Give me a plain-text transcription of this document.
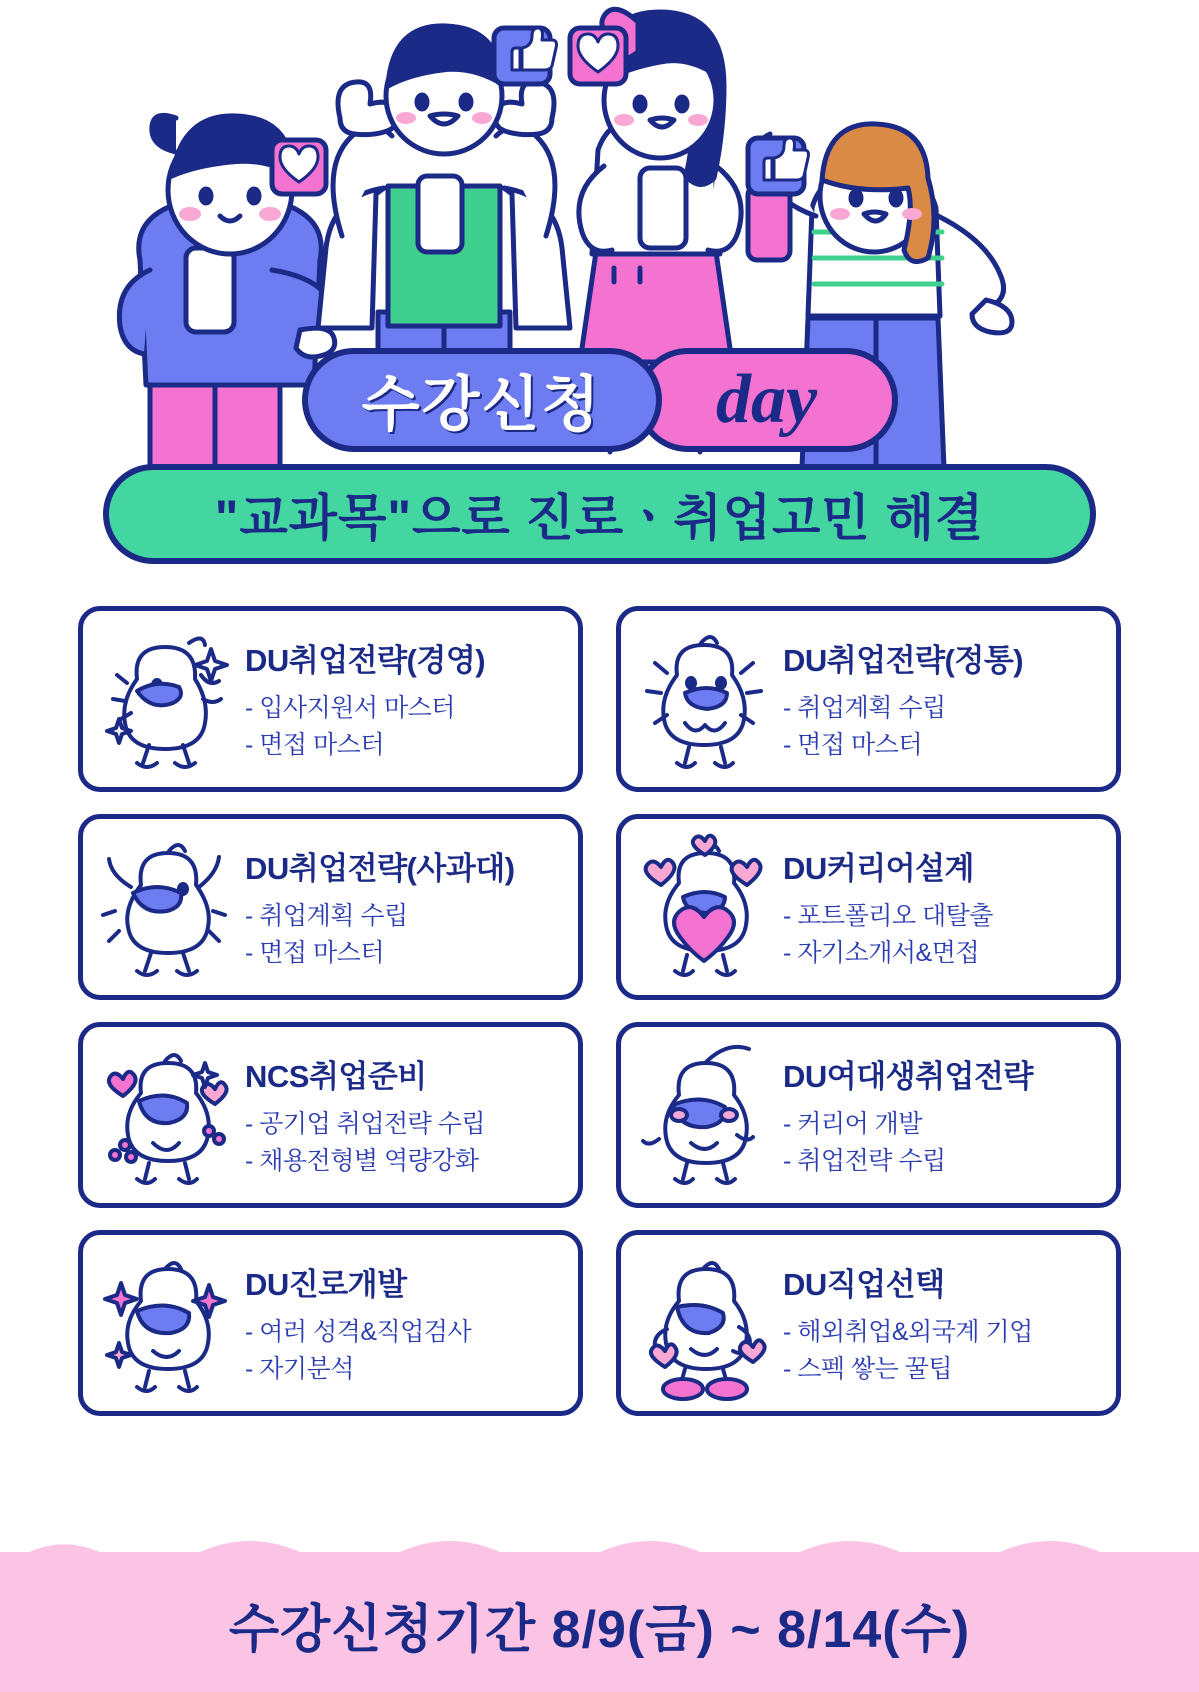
수강신청 day
"교과목"으로 진로ㆍ취업고민 해결
DU취업전략(경영)
- 입사지원서 마스터
- 면접 마스터
DU취업전략(정통)
- 취업계획 수립
- 면접 마스터
DU취업전략(사과대)
- 취업계획 수립
- 면접 마스터
DU커리어설계
- 포트폴리오 대탈출
- 자기소개서&면접
NCS취업준비
- 공기업 취업전략 수립
- 채용전형별 역량강화
DU여대생취업전략
- 커리어 개발
- 취업전략 수립
DU진로개발
- 여러 성격&직업검사
- 자기분석
DU직업선택
- 해외취업&외국계 기업
- 스펙 쌓는 꿀팁
수강신청기간 8/9(금) ~ 8/14(수)
